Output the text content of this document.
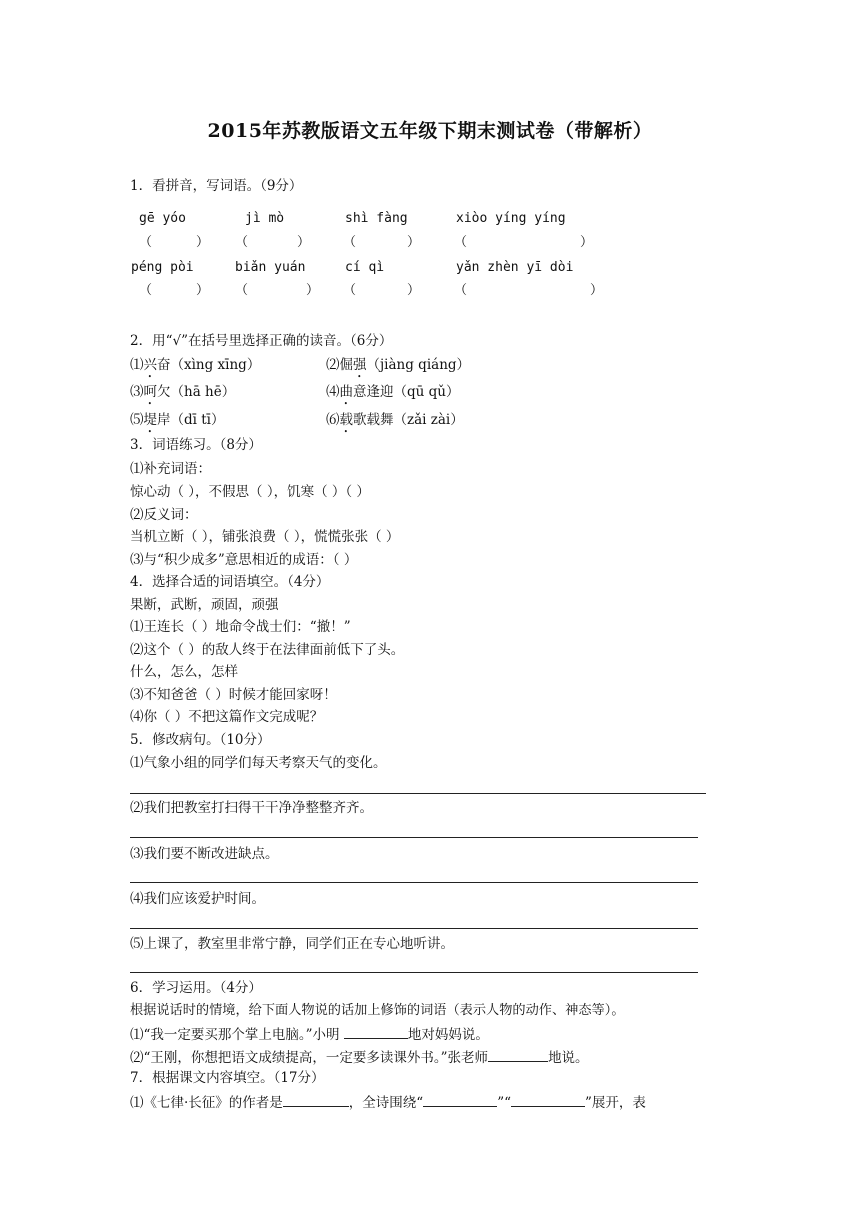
2015年苏教版语文五年级下期末测试卷（带解析）
1．看拼音，写词语。（9分）
gē yóo	jì mò	shì fàng	xiòo yíng yíng
（	） （	）	（	）	（	）
péng pòi	biǎn yuán	cí qì	yǎn zhèn yī dòi
（	） （	） （	）	（	）
2．用“√”在括号里选择正确的读音。（6分）
⑴兴奋（xìng xīng）	⑵倔强（jiàng qiáng）
⑶呵欠（hā hē）	⑷曲意逢迎（qū qǔ）
⑸堤岸（dī tī）	⑹载歌载舞（zǎi zài）
3．词语练习。（8分）
⑴补充词语：
惊心动（ ），不假思（ ），饥寒（ ）（ ）
⑵反义词：
当机立断（ ），铺张浪费（ ），慌慌张张（ ）
⑶与“积少成多”意思相近的成语：（ ）
4．选择合适的词语填空。（4分）
果断，武断，顽固，顽强
⑴王连长（ ）地命令战士们：“撤！”
⑵这个（ ）的敌人终于在法律面前低下了头。
什么，怎么，怎样
⑶不知爸爸（ ）时候才能回家呀！
⑷你（ ）不把这篇作文完成呢？
5．修改病句。（10分）
⑴气象小组的同学们每天考察天气的变化。
⑵我们把教室打扫得干干净净整整齐齐。
⑶我们要不断改进缺点。
⑷我们应该爱护时间。
⑸上课了，教室里非常宁静，同学们正在专心地听讲。
6．学习运用。（4分）
根据说话时的情境，给下面人物说的话加上修饰的词语（表示人物的动作、神态等）。
⑴“我一定要买那个掌上电脑。”小明	地对妈妈说。
⑵“王刚，你想把语文成绩提高，一定要多读课外书。”张老师	地说。
7．根据课文内容填空。（17分）
⑴《七律·长征》的作者是	，全诗围绕“	”“	”展开，表
